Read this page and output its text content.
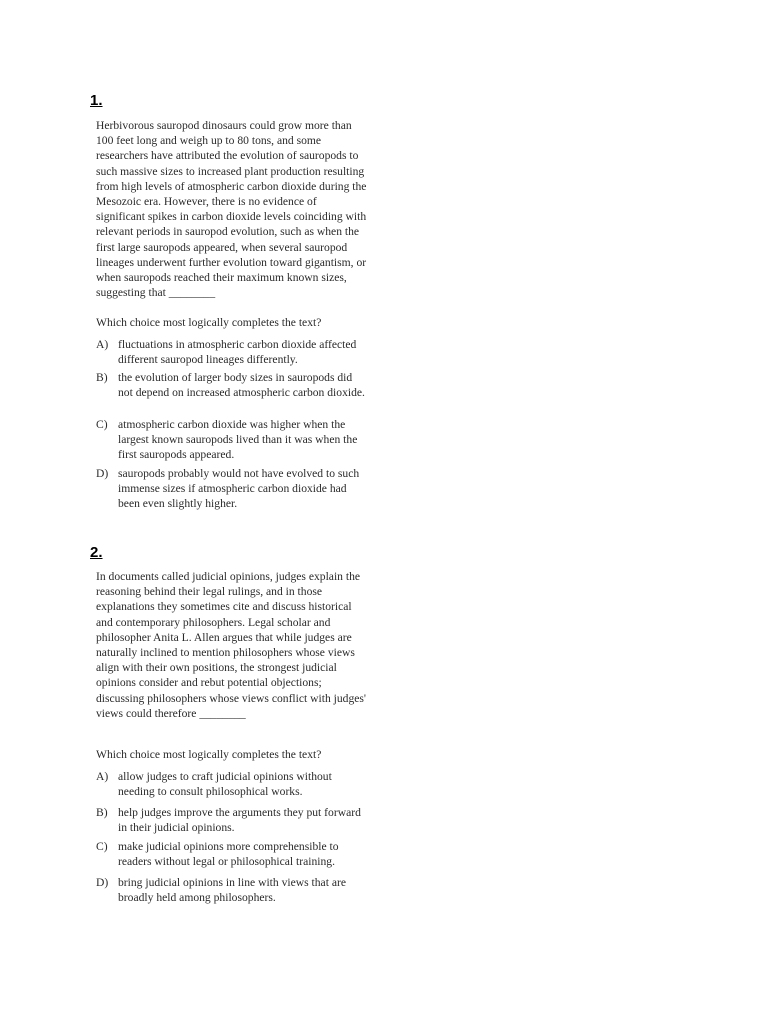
1.

Herbivorous sauropod dinosaurs could grow more than 100 feet long and weigh up to 80 tons, and some researchers have attributed the evolution of sauropods to such massive sizes to increased plant production resulting from high levels of atmospheric carbon dioxide during the Mesozoic era. However, there is no evidence of significant spikes in carbon dioxide levels coinciding with relevant periods in sauropod evolution, such as when the first large sauropods appeared, when several sauropod lineages underwent further evolution toward gigantism, or when sauropods reached their maximum known sizes, suggesting that ________

Which choice most logically completes the text?

A) fluctuations in atmospheric carbon dioxide affected different sauropod lineages differently.
B) the evolution of larger body sizes in sauropods did not depend on increased atmospheric carbon dioxide.
C) atmospheric carbon dioxide was higher when the largest known sauropods lived than it was when the first sauropods appeared.
D) sauropods probably would not have evolved to such immense sizes if atmospheric carbon dioxide had been even slightly higher.

2.

In documents called judicial opinions, judges explain the reasoning behind their legal rulings, and in those explanations they sometimes cite and discuss historical and contemporary philosophers. Legal scholar and philosopher Anita L. Allen argues that while judges are naturally inclined to mention philosophers whose views align with their own positions, the strongest judicial opinions consider and rebut potential objections; discussing philosophers whose views conflict with judges' views could therefore ________

Which choice most logically completes the text?

A) allow judges to craft judicial opinions without needing to consult philosophical works.
B) help judges improve the arguments they put forward in their judicial opinions.
C) make judicial opinions more comprehensible to readers without legal or philosophical training.
D) bring judicial opinions in line with views that are broadly held among philosophers.
